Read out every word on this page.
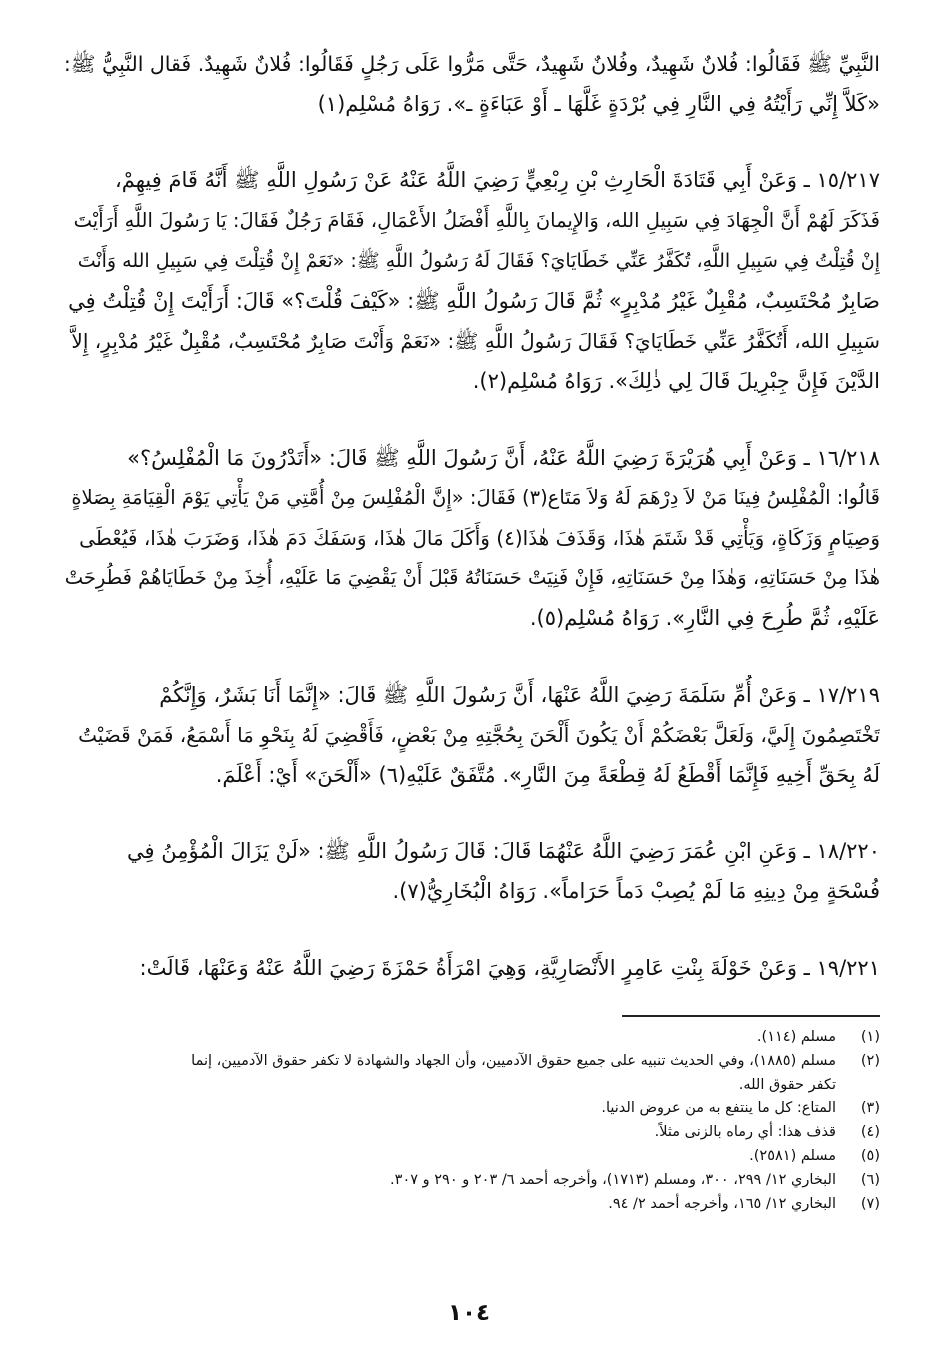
النَّبِيِّ ﷺ فَقَالُوا: فُلانٌ شَهِيدٌ، وفُلانٌ شَهِيدٌ، حَتَّى مَرُّوا عَلَى رَجُلٍ فَقَالُوا: فُلانٌ شَهِيدٌ. فَقال النَّبِيُّ ﷺ:
«كَلاَّ إِنِّي رَأَيْتُهُ فِي النَّارِ فِي بُرْدَةٍ غَلَّهَا ـ أَوْ عَبَاءَةٍ ـ». رَوَاهُ مُسْلِم(١)

١٥/٢١٧ ـ وَعَنْ أَبِي قَتَادَةَ الْحَارِثِ بْنِ رِبْعِيٍّ رَضِيَ اللَّهُ عَنْهُ عَنْ رَسُولِ اللَّهِ ﷺ أَنَّهُ قَامَ فِيهِمْ،
فَذَكَرَ لَهُمْ أَنَّ الْجِهَادَ فِي سَبِيلِ الله، وَالإِيمانَ بِاللَّهِ أَفْضَلُ الأَعْمَالِ، فَقَامَ رَجُلٌ فَقَالَ: يَا رَسُولَ اللَّهِ أَرَأَيْتَ
إِنْ قُتِلْتُ فِي سَبِيلِ اللَّهِ، تُكَفَّرُ عَنِّي خَطَايَايَ؟ فَقَالَ لَهُ رَسُولُ اللَّهِ ﷺ: «نَعَمْ إِنْ قُتِلْتَ فِي سَبِيلِ الله وَأَنْتَ
صَابِرٌ مُحْتَسِبٌ، مُقْبِلٌ غَيْرُ مُدْبِرٍ» ثُمَّ قَالَ رَسُولُ اللَّهِ ﷺ: «كَيْفَ قُلْتَ؟» قَالَ: أَرَأَيْتَ إِنْ قُتِلْتُ فِي
سَبِيلِ الله، أَتُكَفَّرُ عَنِّي خَطَايَايَ؟ فَقَالَ رَسُولُ اللَّهِ ﷺ: «نَعَمْ وَأَنْتَ صَابِرٌ مُحْتَسِبٌ، مُقْبِلٌ غَيْرُ مُدْبِرٍ، إِلاَّ
الدَّيْنَ فَإِنَّ جِبْرِيلَ قَالَ لِي ذٰلِكَ». رَوَاهُ مُسْلِم(٢).

١٦/٢١٨ ـ وَعَنْ أَبِي هُرَيْرَةَ رَضِيَ اللَّهُ عَنْهُ، أَنَّ رَسُولَ اللَّهِ ﷺ قَالَ: «أَتَدْرُونَ مَا الْمُفْلِسُ؟»
قَالُوا: الْمُفْلِسُ فِينَا مَنْ لاَ دِرْهَمَ لَهُ وَلاَ مَتَاع(٣) فَقَالَ: «إِنَّ الْمُفْلِسَ مِنْ أُمَّتِي مَنْ يَأْتِي يَوْمَ الْقِيَامَةِ بِصَلاةٍ
وَصِيَامٍ وَزَكَاةٍ، وَيَأْتِي قَدْ شَتَمَ هٰذَا، وَقَذَفَ هٰذَا(٤) وَأَكَلَ مَالَ هٰذَا، وَسَفَكَ دَمَ هٰذَا، وَضَرَبَ هٰذَا، فَيُعْطَى
هٰذَا مِنْ حَسَنَاتِهِ، وَهٰذَا مِنْ حَسَنَاتِهِ، فَإِنْ فَنِيَتْ حَسَنَاتُهُ قَبْلَ أَنْ يَقْضِيَ مَا عَلَيْهِ، أُخِذَ مِنْ خَطَايَاهُمْ فَطُرِحَتْ
عَلَيْهِ، ثُمَّ طُرِحَ فِي النَّارِ». رَوَاهُ مُسْلِم(٥).

١٧/٢١٩ ـ وَعَنْ أُمِّ سَلَمَةَ رَضِيَ اللَّهُ عَنْهَا، أَنَّ رَسُولَ اللَّهِ ﷺ قَالَ: «إِنَّمَا أَنَا بَشَرٌ، وَإِنَّكُمْ
تَخْتَصِمُونَ إِلَيَّ، وَلَعَلَّ بَعْضَكُمْ أَنْ يَكُونَ أَلْحَنَ بِحُجَّتِهِ مِنْ بَعْضٍ، فَأَقْضِيَ لَهُ بِنَحْوِ مَا أَسْمَعُ، فَمَنْ قَضَيْتُ
لَهُ بِحَقِّ أَخِيهِ فَإِنَّمَا أَقْطَعُ لَهُ قِطْعَةً مِنَ النَّارِ». مُتَّفَقٌ عَلَيْهِ(٦) «أَلْحَنَ» أَيْ: أَعْلَمَ.

١٨/٢٢٠ ـ وَعَنِ ابْنِ عُمَرَ رَضِيَ اللَّهُ عَنْهُمَا قَالَ: قَالَ رَسُولُ اللَّهِ ﷺ: «لَنْ يَزَالَ الْمُؤْمِنُ فِي
فُسْحَةٍ مِنْ دِينِهِ مَا لَمْ يُصِبْ دَماً حَرَاماً». رَوَاهُ الْبُخَارِيُّ(٧).

١٩/٢٢١ ـ وَعَنْ خَوْلَةَ بِنْتِ عَامِرٍ الأَنْصَارِيَّةِ، وَهِيَ امْرَأَةُ حَمْزَةَ رَضِيَ اللَّهُ عَنْهُ وَعَنْهَا، قَالَتْ:

(١)
مسلم (١١٤).
(٢)
مسلم (١٨٨٥)، وفي الحديث تنبيه على جميع حقوق الآدميين، وأن الجهاد والشهادة لا تكفر حقوق الآدميين، إنما
تكفر حقوق الله.
(٣)
المتاع: كل ما ينتفع به من عروض الدنيا.
(٤)
قذف هذا: أي رماه بالزنى مثلاً.
(٥)
مسلم (٢٥٨١).
(٦)
البخاري ١٢/ ٢٩٩، ٣٠٠، ومسلم (١٧١٣)، وأخرجه أحمد ٦/ ٢٠٣ و ٢٩٠ و ٣٠٧.
(٧)
البخاري ١٢/ ١٦٥، وأخرجه أحمد ٢/ ٩٤.
١٠٤
